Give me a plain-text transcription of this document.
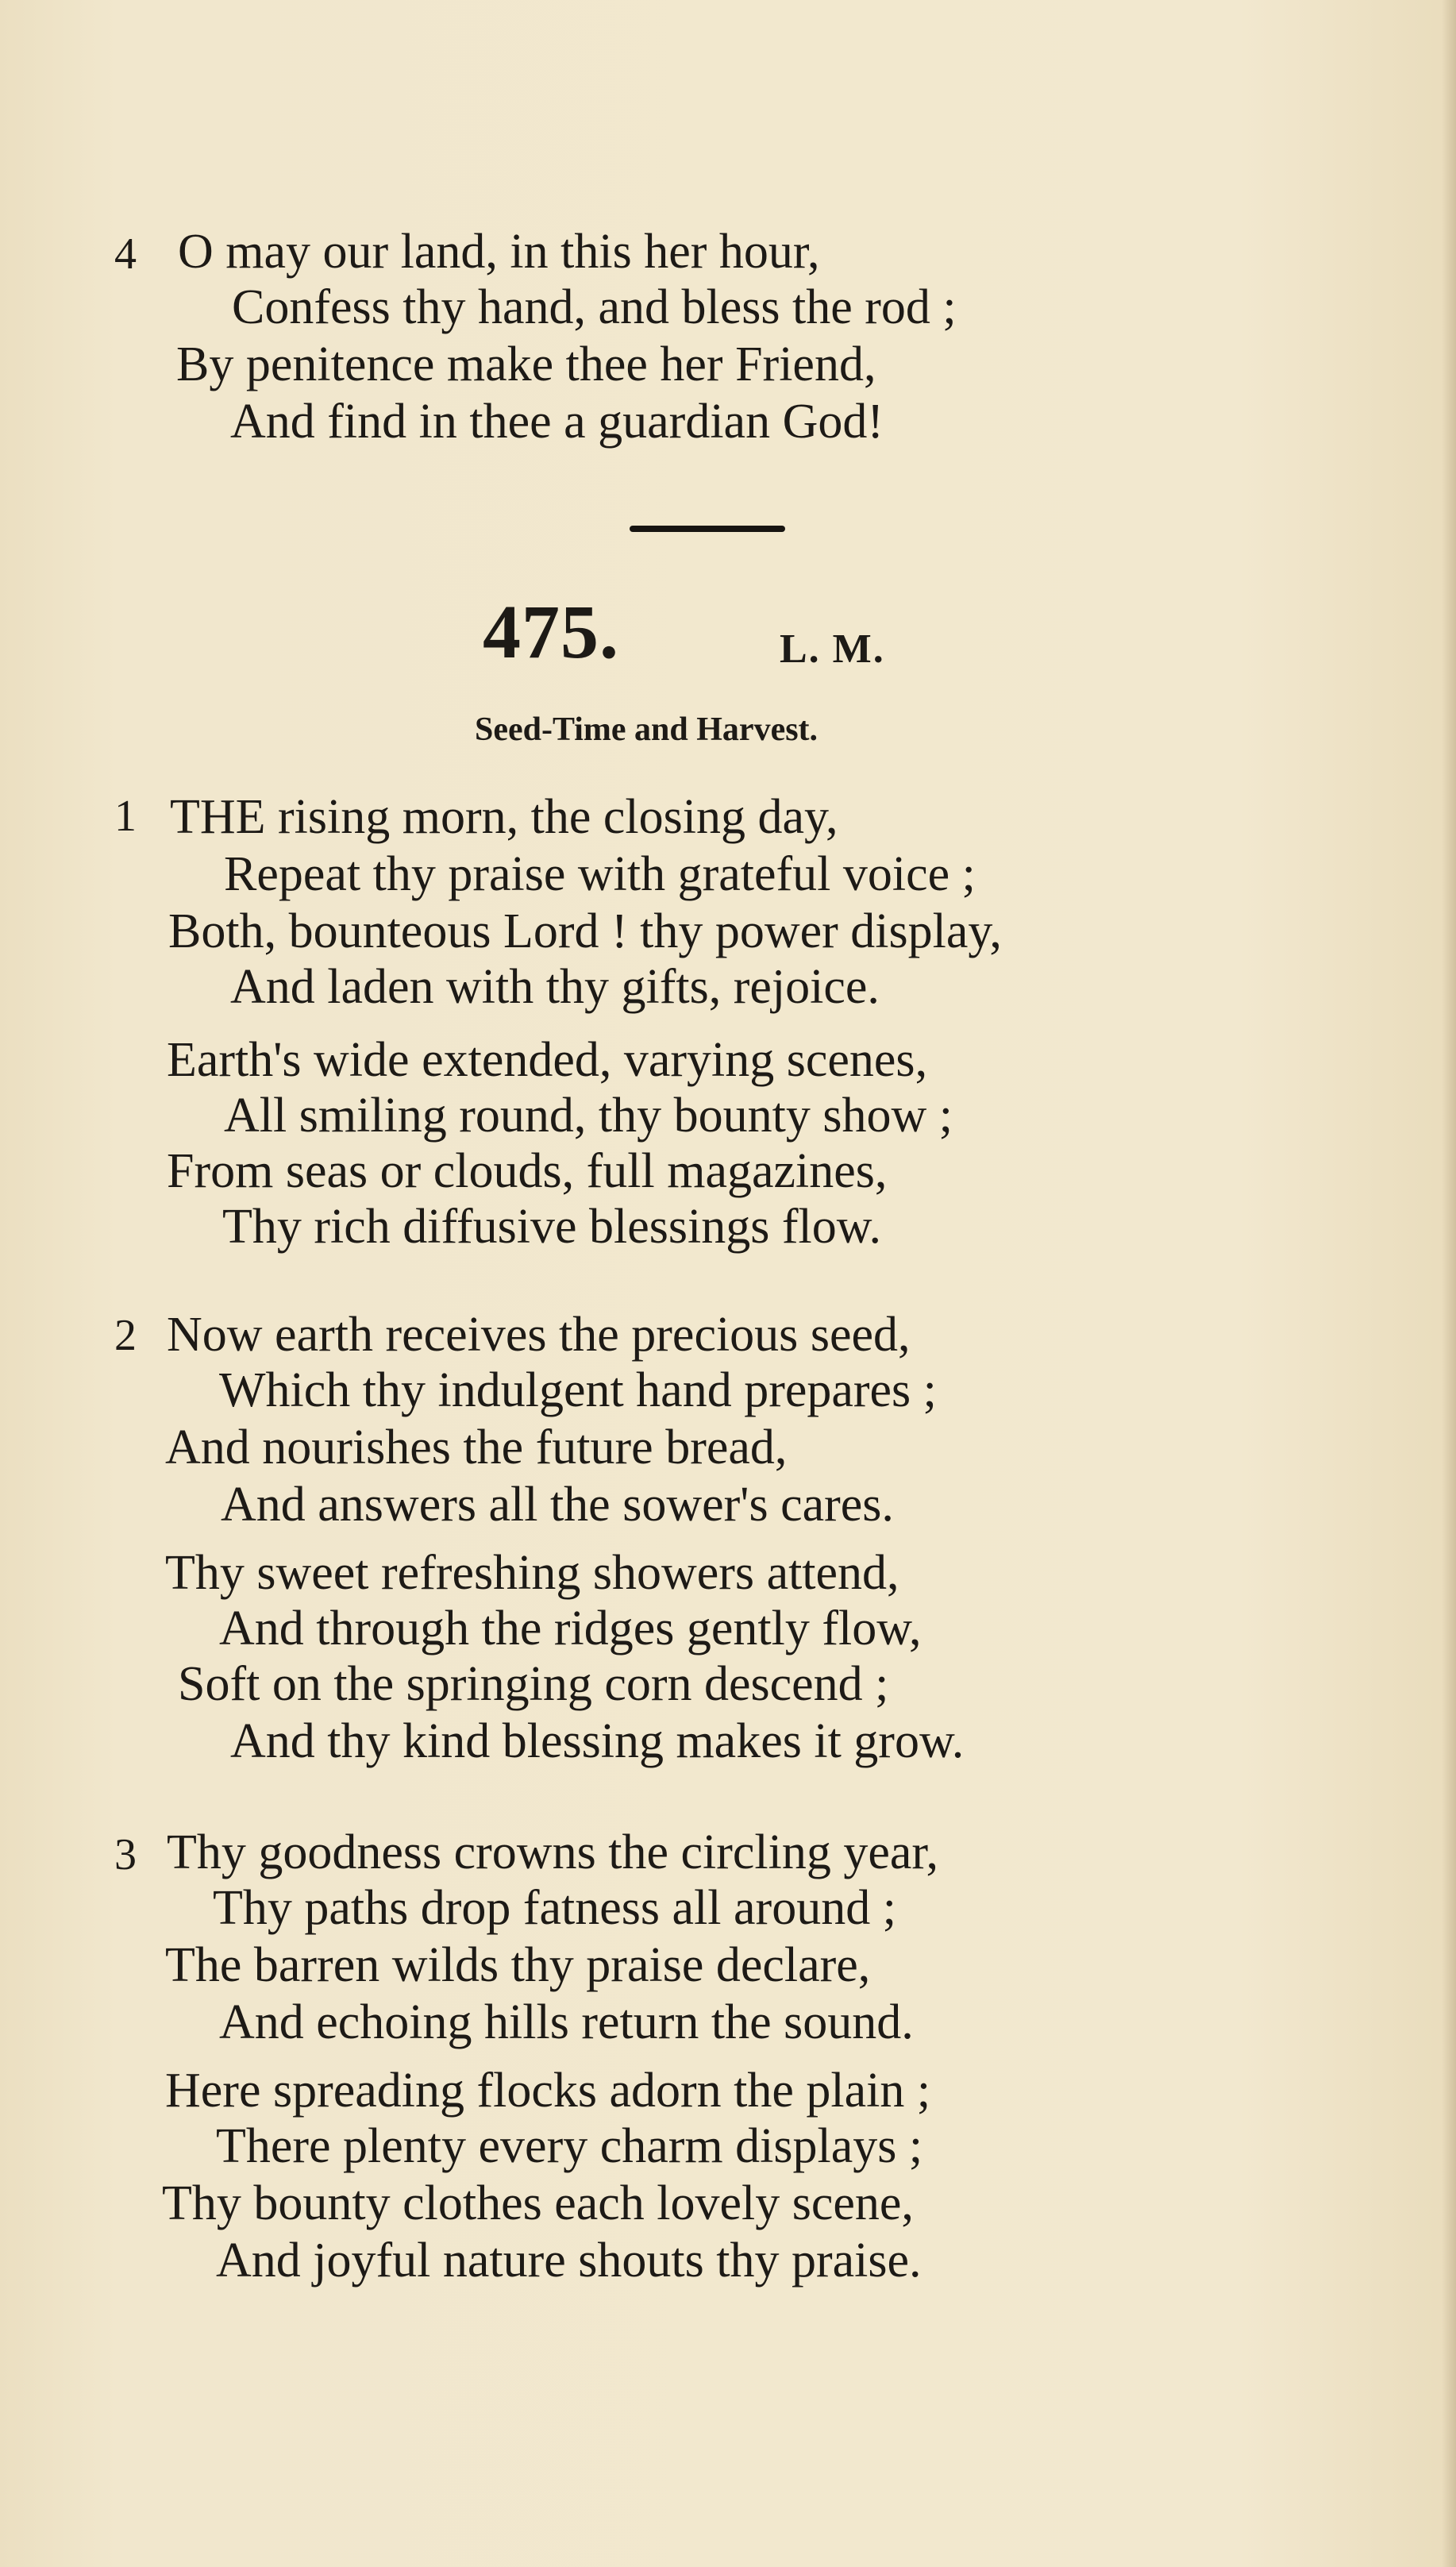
4 O may our land, in this her hour,
Confess thy hand, and bless the rod ;
By penitence make thee her Friend,
And find in thee a guardian God!
475.	L. M.
Seed-Time and Harvest.
1 THE rising morn, the closing day,
Repeat thy praise with grateful voice ;
Both, bounteous Lord ! thy power display,
And laden with thy gifts, rejoice.
Earth's wide extended, varying scenes,
All smiling round, thy bounty show ;
From seas or clouds, full magazines,
Thy rich diffusive blessings flow.
2 Now earth receives the precious seed,
Which thy indulgent hand prepares ;
And nourishes the future bread,
And answers all the sower's cares.
Thy sweet refreshing showers attend,
And through the ridges gently flow,
Soft on the springing corn descend ;
And thy kind blessing makes it grow.
3 Thy goodness crowns the circling year,
Thy paths drop fatness all around ;
The barren wilds thy praise declare,
And echoing hills return the sound.
Here spreading flocks adorn the plain ;
There plenty every charm displays ;
Thy bounty clothes each lovely scene,
And joyful nature shouts thy praise.
